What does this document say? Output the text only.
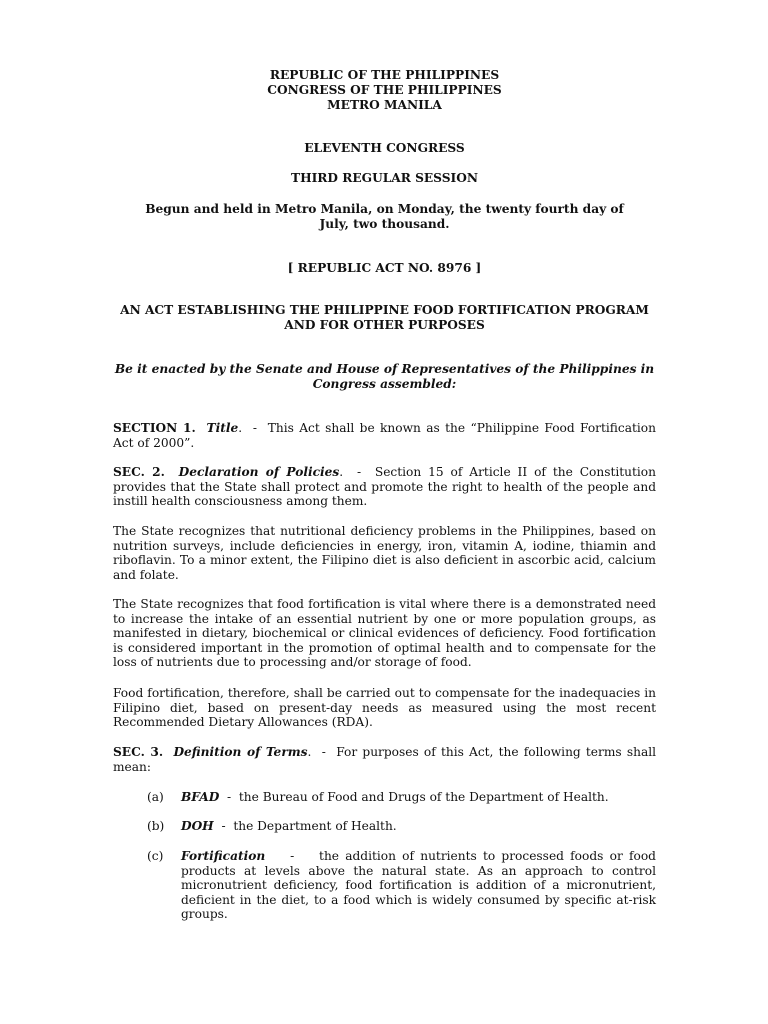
REPUBLIC OF THE PHILIPPINES

CONGRESS OF THE PHILIPPINES

METRO MANILA

ELEVENTH CONGRESS

THIRD REGULAR SESSION

Begun and held in Metro Manila, on Monday, the twenty fourth day of July, two thousand.

[ REPUBLIC ACT NO. 8976 ]

AN ACT ESTABLISHING THE PHILIPPINE FOOD FORTIFICATION PROGRAM AND FOR OTHER PURPOSES

Be it enacted by the Senate and House of Representatives of the Philippines in Congress assembled:

SECTION 1. Title.  -  This Act shall be known as the “Philippine Food Fortification Act of 2000”.

SEC. 2. Declaration of Policies.  -  Section 15 of Article II of the Constitution provides that the State shall protect and promote the right to health of the people and instill health consciousness among them.

The State recognizes that nutritional deficiency problems in the Philippines, based on nutrition surveys, include deficiencies in energy, iron, vitamin A, iodine, thiamin and riboflavin. To a minor extent, the Filipino diet is also deficient in ascorbic acid, calcium and folate.

The State recognizes that food fortification is vital where there is a demonstrated need to increase the intake of an essential nutrient by one or more population groups, as manifested in dietary, biochemical or clinical evidences of deficiency. Food fortification is considered important in the promotion of optimal health and to compensate for the loss of nutrients due to processing and/or storage of food.

Food fortification, therefore, shall be carried out to compensate for the inadequacies in Filipino diet, based on present-day needs as measured using the most recent Recommended Dietary Allowances (RDA).

SEC. 3. Definition of Terms.  -  For purposes of this Act, the following terms shall mean:

(a) BFAD  -  the Bureau of Food and Drugs of the Department of Health.
(b) DOH  -  the Department of Health.
(c) Fortification    -    the addition of nutrients to processed foods or food products at levels above the natural state. As an approach to control micronutrient deficiency, food fortification is addition of a micronutrient, deficient in the diet, to a food which is widely consumed by specific at-risk groups.
